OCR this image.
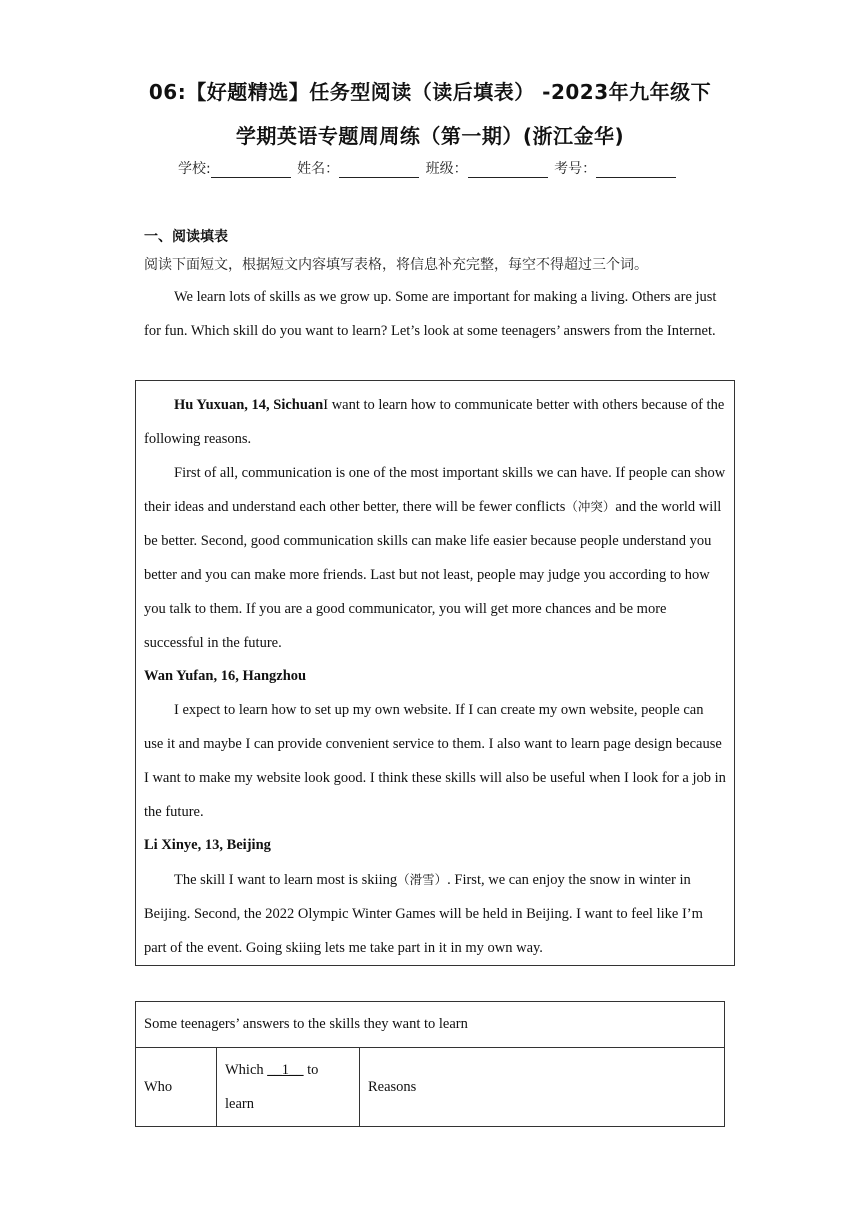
06:【好题精选】任务型阅读（读后填表） -2023年九年级下
学期英语专题周周练（第一期）(浙江金华)
学校:	姓名：	班级：	考号：
一、阅读填表
阅读下面短文，根据短文内容填写表格，将信息补充完整，每空不得超过三个词。

We learn lots of skills as we grow up. Some are important for making a living. Others are just for fun. Which skill do you want to learn? Let’s look at some teenagers’ answers from the Internet.

Hu Yuxuan, 14, SichuanI want to learn how to communicate better with others because of the following reasons.

First of all, communication is one of the most important skills we can have. If people can show their ideas and understand each other better, there will be fewer conflicts（冲突）and the world will be better. Second, good communication skills can make life easier because people understand you better and you can make more friends. Last but not least, people may judge you according to how you talk to them. If you are a good communicator, you will get more chances and be more successful in the future.

Wan Yufan, 16, Hangzhou

I expect to learn how to set up my own website. If I can create my own website, people can use it and maybe I can provide convenient service to them. I also want to learn page design because I want to make my website look good. I think these skills will also be useful when I look for a job in the future.

Li Xinye, 13, Beijing

The skill I want to learn most is skiing（滑雪）. First, we can enjoy the snow in winter in Beijing. Second, the 2022 Olympic Winter Games will be held in Beijing. I want to feel like I’m part of the event. Going skiing lets me take part in it in my own way.

Some teenagers’ answers to the skills they want to learn
Who	Which __1__ to learn	Reasons
